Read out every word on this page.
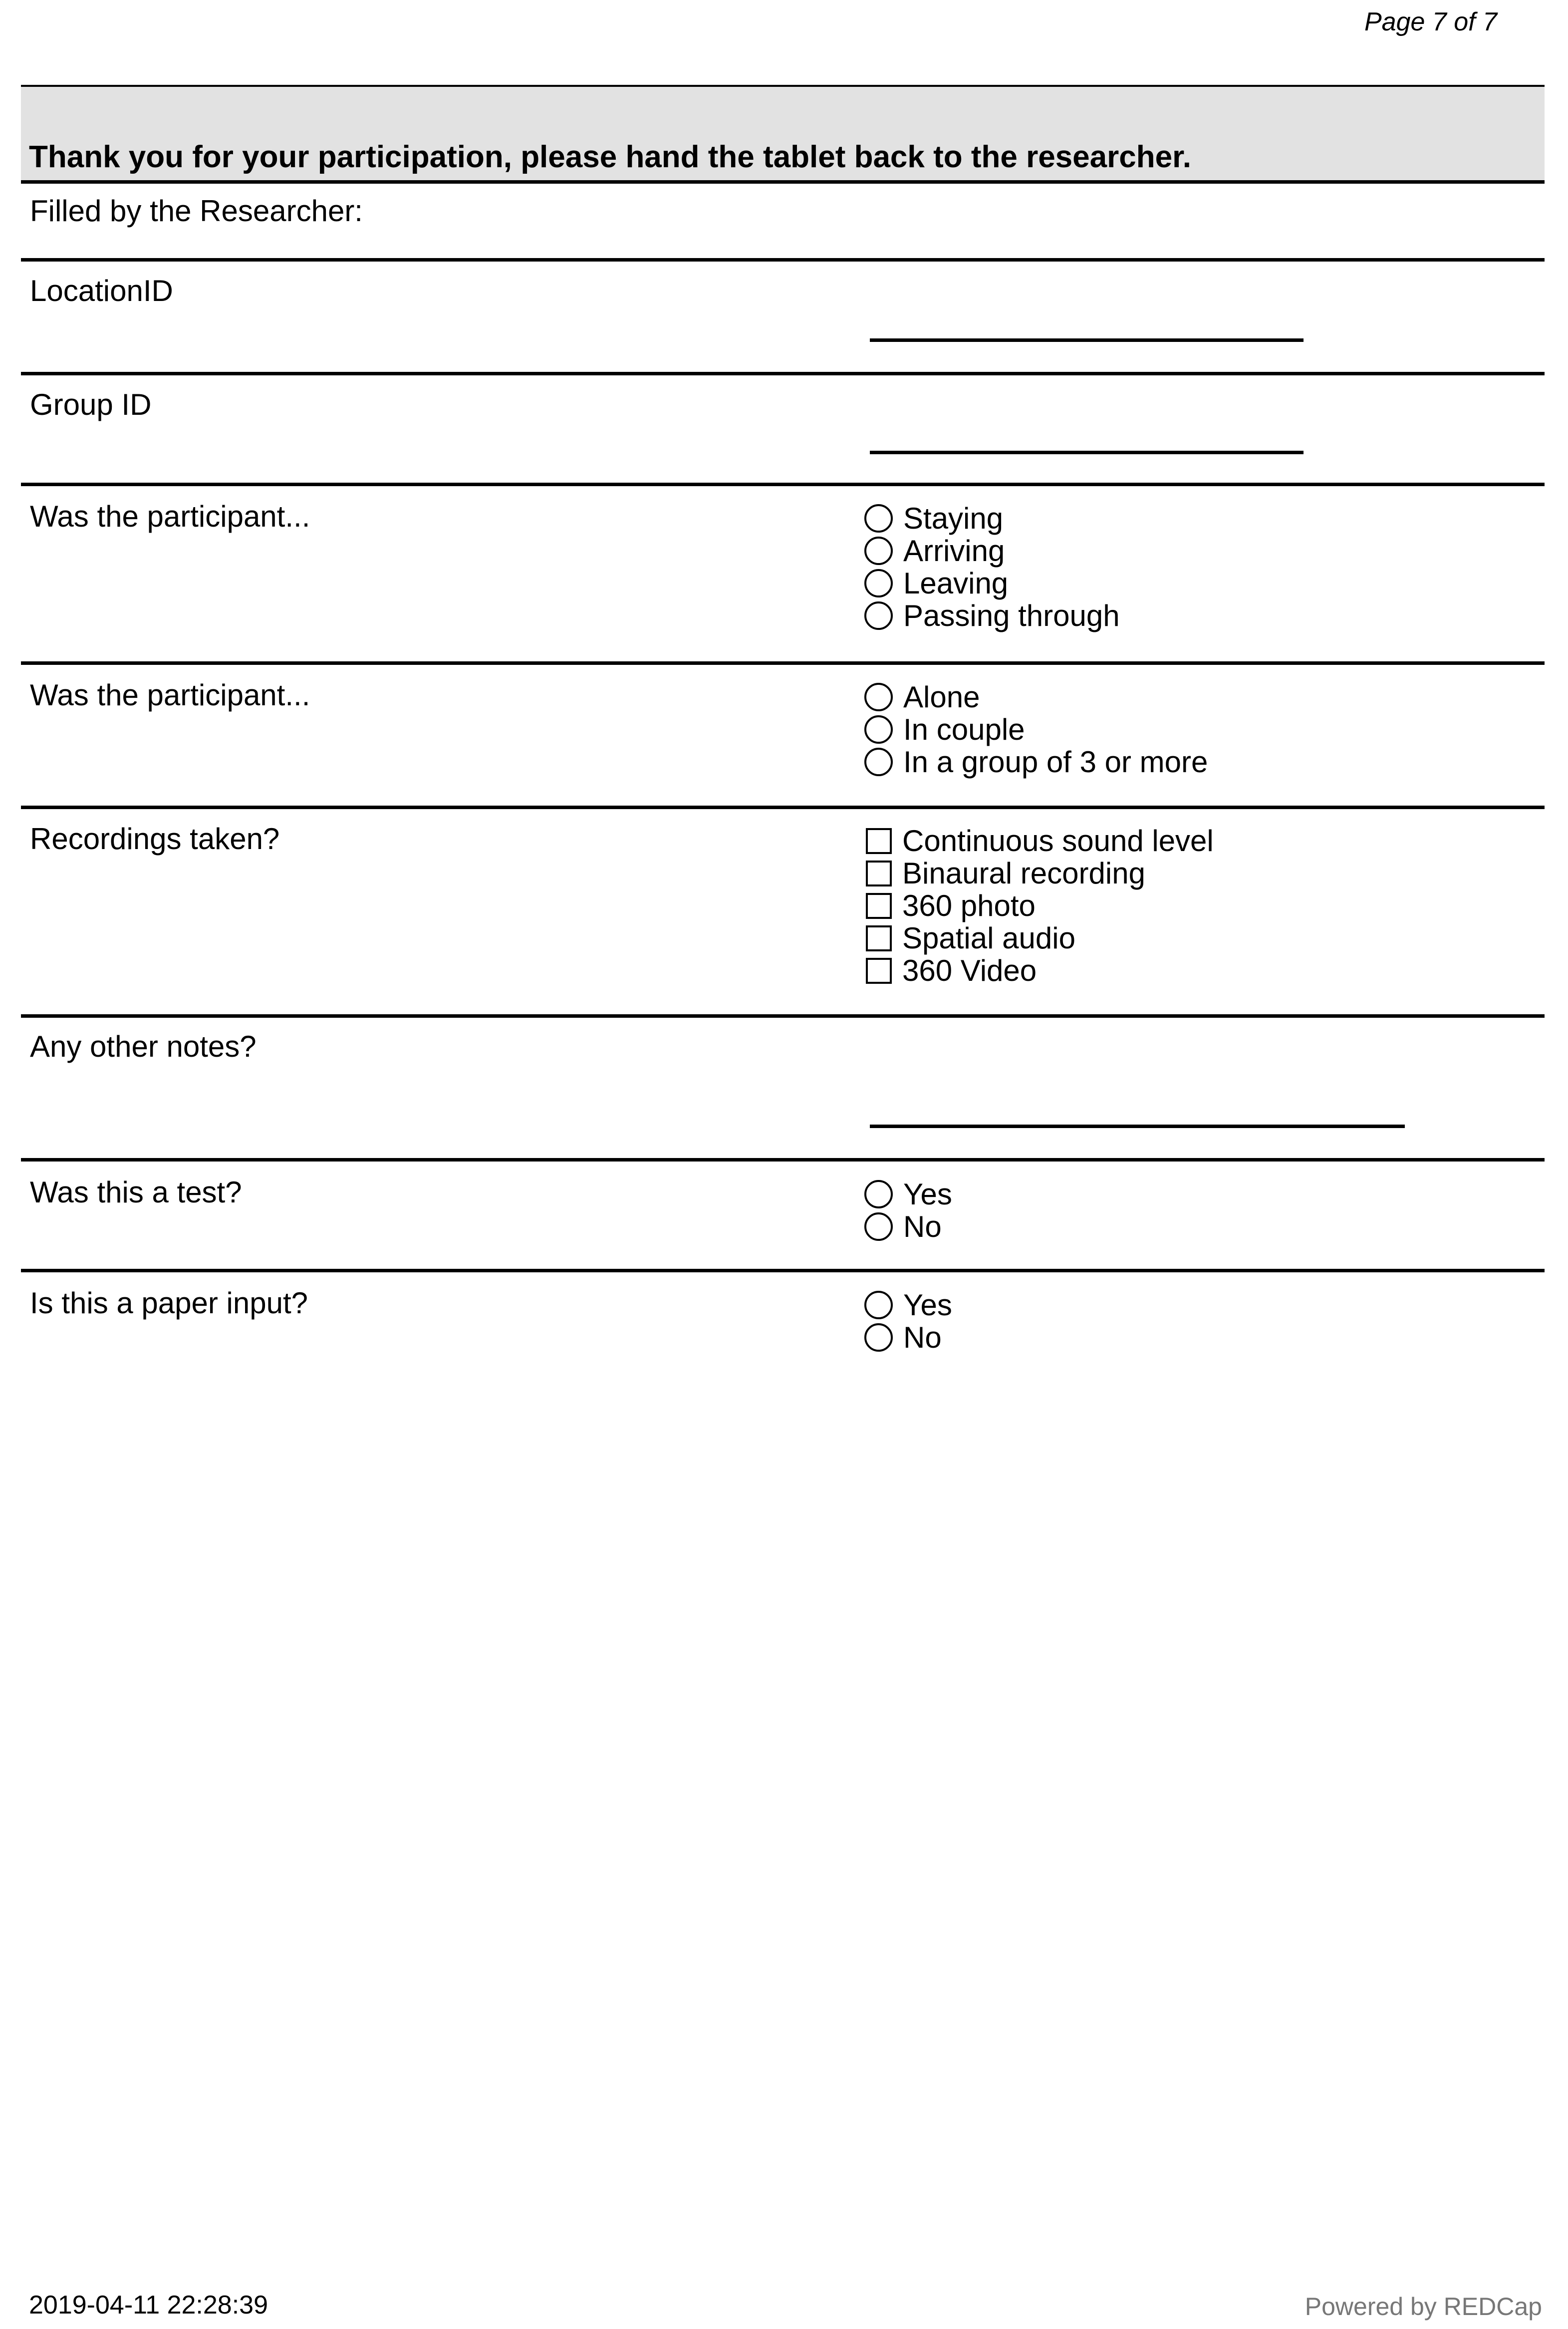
Page 7 of 7
Thank you for your participation, please hand the tablet back to the researcher.
Filled by the Researcher:
LocationID
Group ID
Was the participant...	Staying
Arriving
Leaving
Passing through
Was the participant...	Alone
In couple
In a group of 3 or more
Recordings taken?	Continuous sound level
Binaural recording
360 photo
Spatial audio
360 Video
Any other notes?
Was this a test?	Yes
No
Is this a paper input?	Yes
No
2019-04-11 22:28:39	Powered by REDCap
